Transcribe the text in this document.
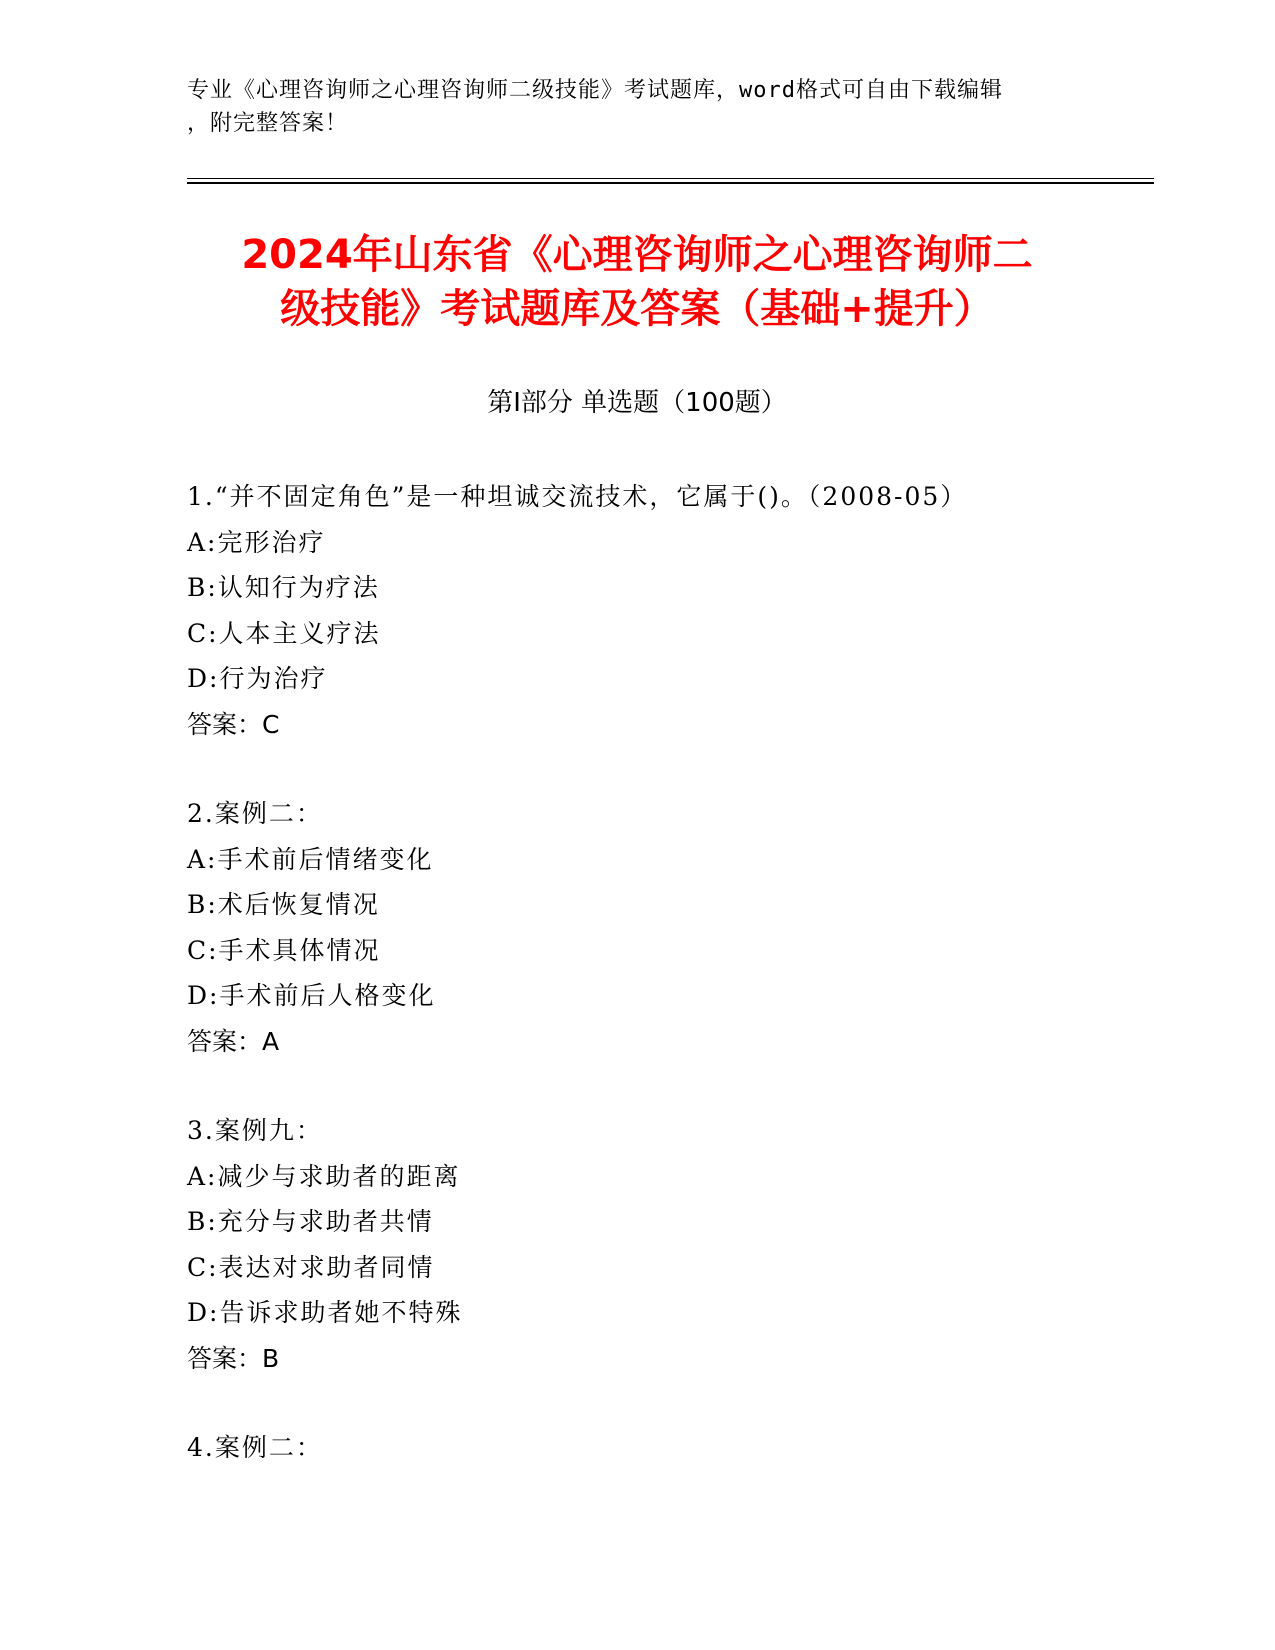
专业《心理咨询师之心理咨询师二级技能》考试题库，word格式可自由下载编辑
，附完整答案！
2024年山东省《心理咨询师之心理咨询师二
级技能》考试题库及答案（基础+提升）
第Ⅰ部分 单选题（100题）
1.“并不固定角色”是一种坦诚交流技术，它属于()。（2008-05）
A:完形治疗
B:认知行为疗法
C:人本主义疗法
D:行为治疗
答案：C
2.案例二：
A:手术前后情绪变化
B:术后恢复情况
C:手术具体情况
D:手术前后人格变化
答案：A
3.案例九：
A:减少与求助者的距离
B:充分与求助者共情
C:表达对求助者同情
D:告诉求助者她不特殊
答案：B
4.案例二：
